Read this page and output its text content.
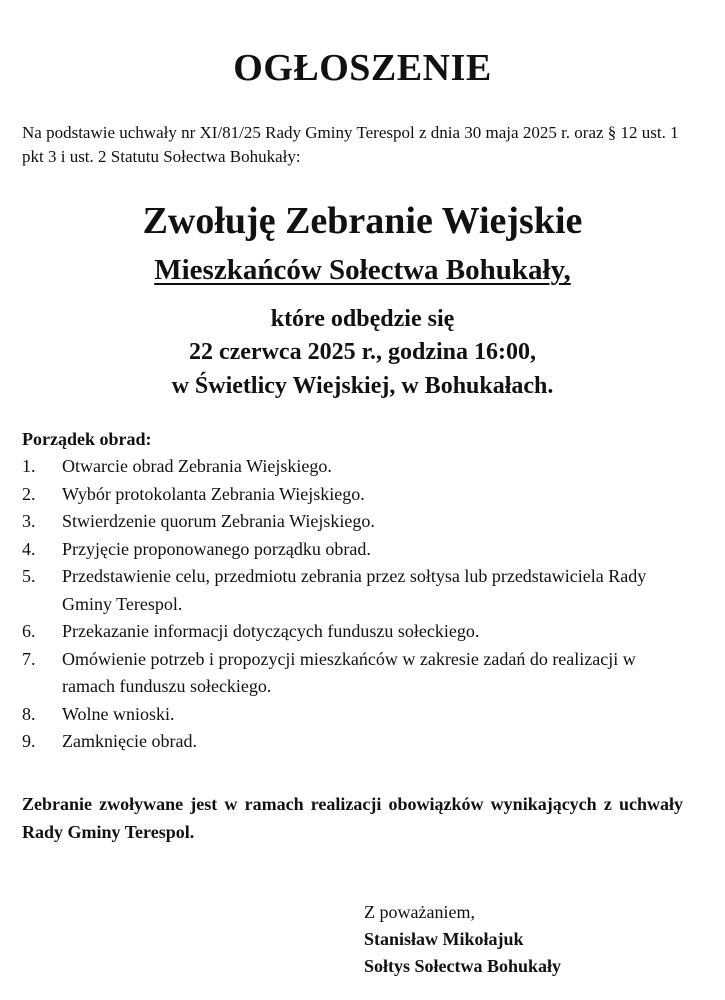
OGŁOSZENIE

Na podstawie uchwały nr XI/81/25 Rady Gminy Terespol z dnia 30 maja 2025 r. oraz § 12 ust. 1 pkt 3 i ust. 2 Statutu Sołectwa Bohukały:

Zwołuję Zebranie Wiejskie
Mieszkańców Sołectwa Bohukały,

które odbędzie się

22 czerwca 2025 r., godzina 16:00,

w Świetlicy Wiejskiej, w Bohukałach.

Porządek obrad:

1. Otwarcie obrad Zebrania Wiejskiego.
2. Wybór protokolanta Zebrania Wiejskiego.
3. Stwierdzenie quorum Zebrania Wiejskiego.
4. Przyjęcie proponowanego porządku obrad.
5. Przedstawienie celu, przedmiotu zebrania przez sołtysa lub przedstawiciela Rady Gminy Terespol.
6. Przekazanie informacji dotyczących funduszu sołeckiego.
7. Omówienie potrzeb i propozycji mieszkańców w zakresie zadań do realizacji w ramach funduszu sołeckiego.
8. Wolne wnioski.
9. Zamknięcie obrad.

Zebranie zwoływane jest w ramach realizacji obowiązków wynikających z uchwały Rady Gminy Terespol.

Z poważaniem,
Stanisław Mikołajuk
Sołtys Sołectwa Bohukały
